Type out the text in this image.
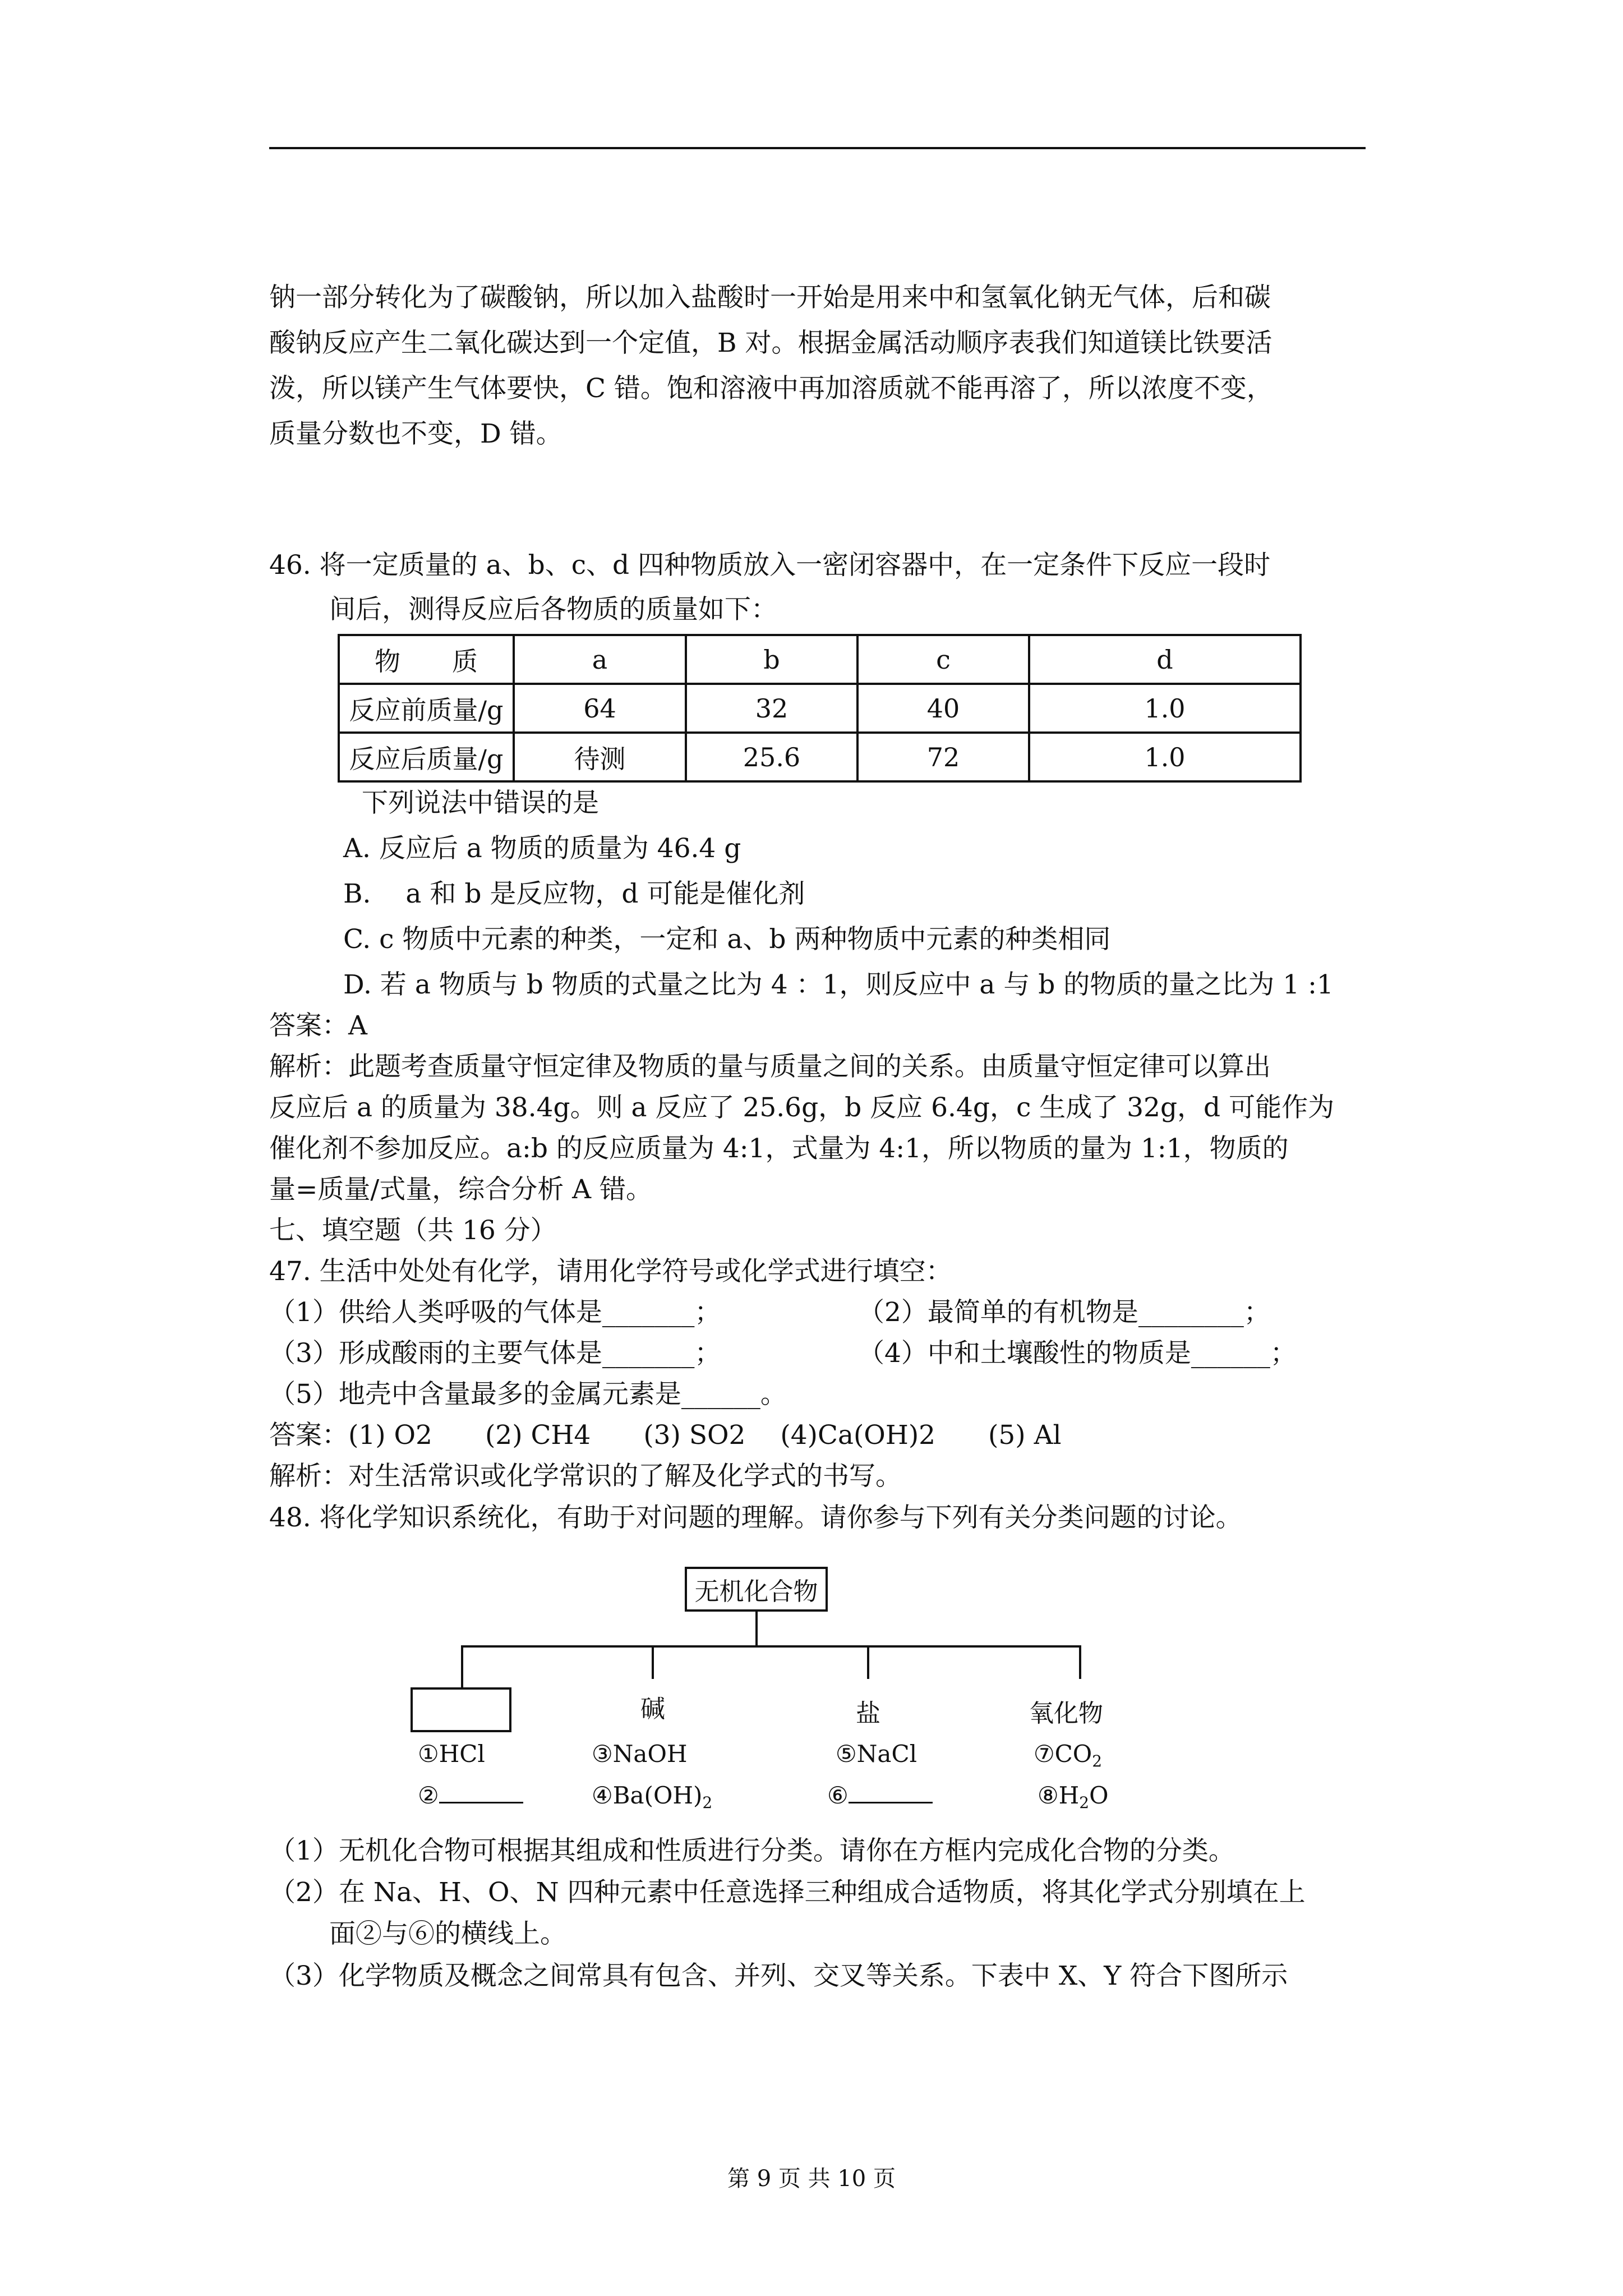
钠一部分转化为了碳酸钠，所以加入盐酸时一开始是用来中和氢氧化钠无气体，后和碳
酸钠反应产生二氧化碳达到一个定值，B 对。根据金属活动顺序表我们知道镁比铁要活
泼，所以镁产生气体要快，C 错。饱和溶液中再加溶质就不能再溶了，所以浓度不变，
质量分数也不变，D 错。
46. 将一定质量的 a、b、c、d 四种物质放入一密闭容器中，在一定条件下反应一段时
间后，测得反应后各物质的质量如下：
物　　质	a	b	c	d
反应前质量/g	64	32	40	1.0
反应后质量/g	待测	25.6	72	1.0
下列说法中错误的是
A. 反应后 a 物质的质量为 46.4 g
B.　 a 和 b 是反应物，d 可能是催化剂
C. c 物质中元素的种类，一定和 a、b 两种物质中元素的种类相同
D. 若 a 物质与 b 物质的式量之比为 4 ：1，则反应中 a 与 b 的物质的量之比为 1 :1
答案：A
解析：此题考查质量守恒定律及物质的量与质量之间的关系。由质量守恒定律可以算出
反应后 a 的质量为 38.4g。则 a 反应了 25.6g，b 反应 6.4g，c 生成了 32g，d 可能作为
催化剂不参加反应。a:b 的反应质量为 4:1，式量为 4:1，所以物质的量为 1:1，物质的
量=质量/式量，综合分析 A 错。
七、填空题（共 16 分）
47. 生活中处处有化学，请用化学符号或化学式进行填空：
（1）供给人类呼吸的气体是_______；	（2）最简单的有机物是________；
（3）形成酸雨的主要气体是_______；	（4）中和土壤酸性的物质是______；
（5）地壳中含量最多的金属元素是______。
答案：(1) O2　　(2) CH4　　(3) SO2　 (4)Ca(OH)2　　(5) Al
解析：对生活常识或化学常识的了解及化学式的书写。
48. 将化学知识系统化，有助于对问题的理解。请你参与下列有关分类问题的讨论。
无机化合物
碱	盐	氧化物
①HCl
②
③NaOH
$④Ba(OH)_2$
⑤NaCl
⑥
$⑦CO_2$
$⑧H_2O$
（1）无机化合物可根据其组成和性质进行分类。请你在方框内完成化合物的分类。
（2）在 Na、H、O、N 四种元素中任意选择三种组成合适物质，将其化学式分别填在上
面②与⑥的横线上。
（3）化学物质及概念之间常具有包含、并列、交叉等关系。下表中 X、Y 符合下图所示
第 9 页 共 10 页
